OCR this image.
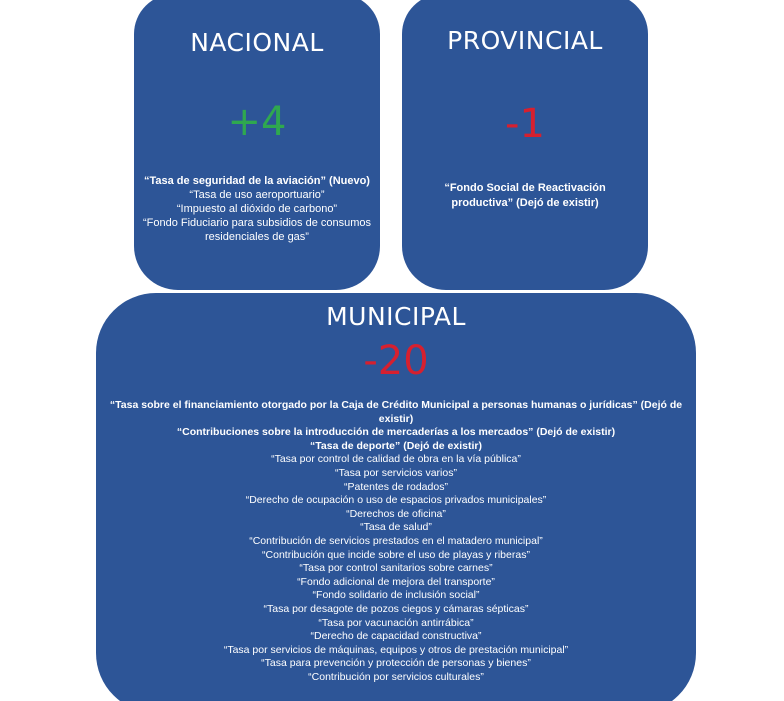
NACIONAL
+4
“Tasa de seguridad de la aviación” (Nuevo)
“Tasa de uso aeroportuario”
“Impuesto al dióxido de carbono”
“Fondo Fiduciario para subsidios de consumos residenciales de gas”
PROVINCIAL
-1
“Fondo Social de Reactivación productiva” (Dejó de existir)
MUNICIPAL
-20
“Tasa sobre el financiamiento otorgado por la Caja de Crédito Municipal a personas humanas o jurídicas” (Dejó de existir)
“Contribuciones sobre la introducción de mercaderías a los mercados” (Dejó de existir)
“Tasa de deporte” (Dejó de existir)
“Tasa por control de calidad de obra en la vía pública”
“Tasa por servicios varios”
“Patentes de rodados”
“Derecho de ocupación o uso de espacios privados municipales”
“Derechos de oficina”
“Tasa de salud”
“Contribución de servicios prestados en el matadero municipal”
“Contribución que incide sobre el uso de playas y riberas”
“Tasa por control sanitarios sobre carnes”
“Fondo adicional de mejora del transporte”
“Fondo solidario de inclusión social”
“Tasa por desagote de pozos ciegos y cámaras sépticas”
“Tasa por vacunación antirrábica”
“Derecho de capacidad constructiva”
“Tasa por servicios de máquinas, equipos y otros de prestación municipal”
“Tasa para prevención y protección de personas y bienes”
“Contribución por servicios culturales”
